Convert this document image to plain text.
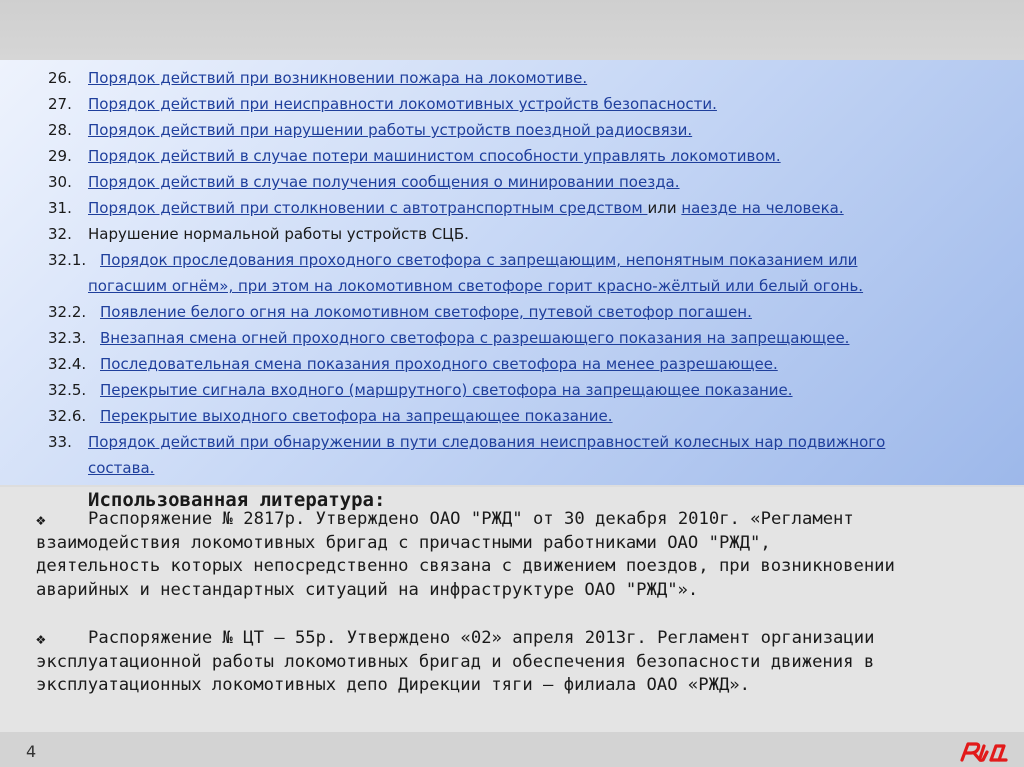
26.	Порядок действий при возникновении пожара на локомотиве.
27.	Порядок действий при неисправности локомотивных устройств безопасности.
28.	Порядок действий при нарушении работы устройств поездной радиосвязи.
29.	Порядок действий в случае потери машинистом способности управлять локомотивом.
30.	Порядок действий в случае получения сообщения о минировании поезда.
31.	Порядок действий при столкновении с автотранспортным средством или наезде на человека.
32.	Нарушение нормальной работы устройств СЦБ.
32.1. Порядок проследования проходного светофора с запрещающим, непонятным показанием или
погасшим огнём», при этом на локомотивном светофоре горит красно-жёлтый или белый огонь.
32.2. Появление белого огня на локомотивном светофоре, путевой светофор погашен.
32.3. Внезапная смена огней проходного светофора с разрешающего показания на запрещающее.
32.4. Последовательная смена показания проходного светофора на менее разрешающее.
32.5. Перекрытие сигнала входного (маршрутного) светофора на запрещающее показание.
32.6. Перекрытие выходного светофора на запрещающее показание.
33.	Порядок действий при обнаружении в пути следования неисправностей колесных нар подвижного
состава.
Использованная литература:
❖	Распоряжение № 2817р. Утверждено ОАО "РЖД" от 30 декабря 2010г. «Регламент
взаимодействия локомотивных бригад с причастными работниками ОАО "РЖД",
деятельность которых непосредственно связана с движением поездов, при возникновении
аварийных и нестандартных ситуаций на инфраструктуре ОАО "РЖД"».
❖	Распоряжение № ЦТ – 55р. Утверждено «02» апреля 2013г. Регламент организации
эксплуатационной работы локомотивных бригад и обеспечения безопасности движения в
эксплуатационных локомотивных депо Дирекции тяги – филиала ОАО «РЖД».
4
